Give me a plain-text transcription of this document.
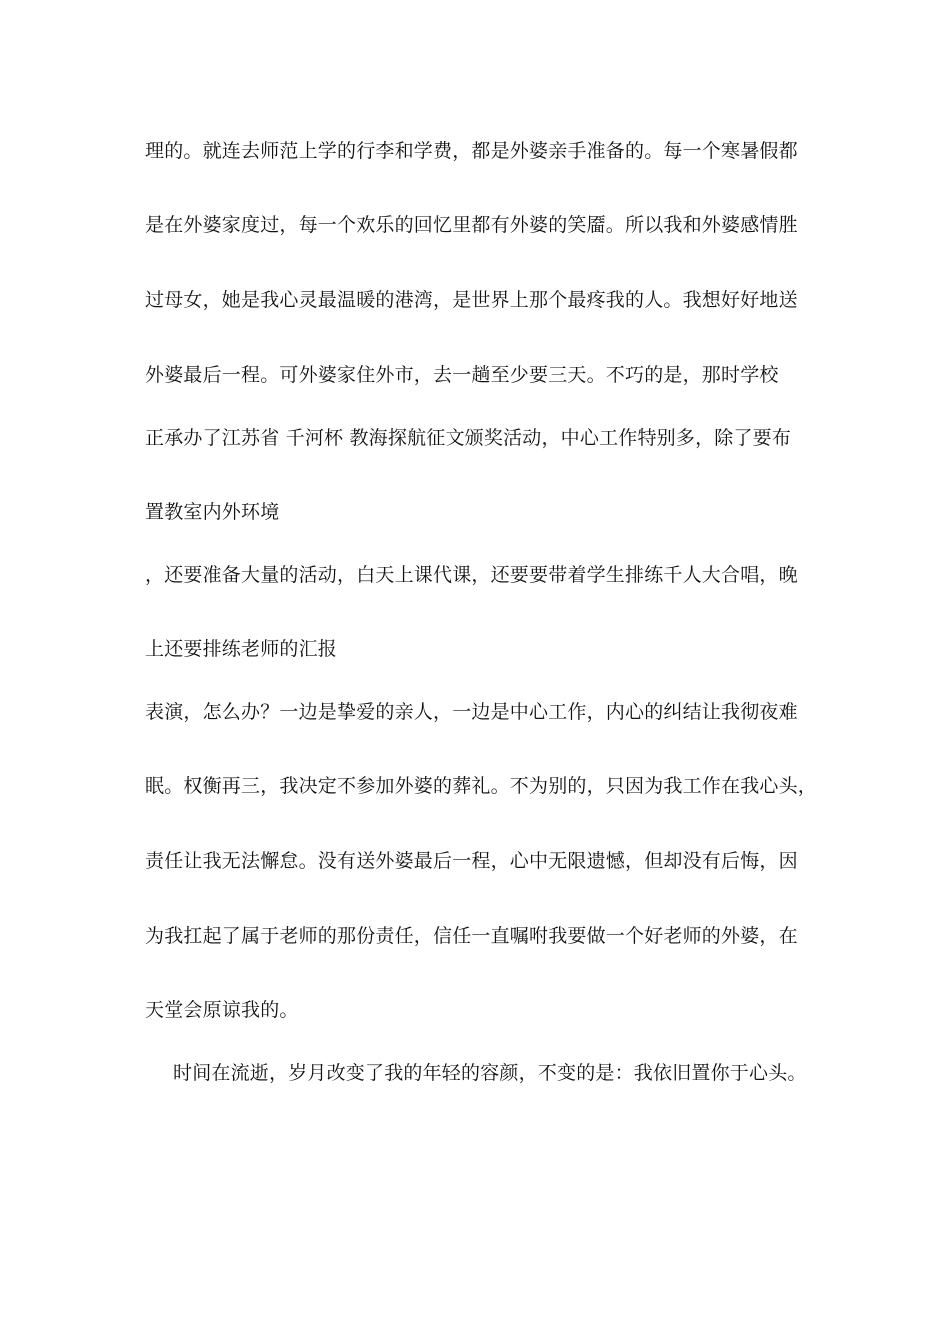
理的。就连去师范上学的行李和学费，都是外婆亲手准备的。每一个寒暑假都
是在外婆家度过，每一个欢乐的回忆里都有外婆的笑靥。所以我和外婆感情胜
过母女，她是我心灵最温暖的港湾，是世界上那个最疼我的人。我想好好地送
外婆最后一程。可外婆家住外市，去一趟至少要三天。不巧的是，那时学校
正承办了江苏省 千河杯 教海探航征文颁奖活动，中心工作特别多，除了要布
置教室内外环境
，还要准备大量的活动，白天上课代课，还要要带着学生排练千人大合唱，晚
上还要排练老师的汇报
表演，怎么办？一边是挚爱的亲人，一边是中心工作，内心的纠结让我彻夜难
眠。权衡再三，我决定不参加外婆的葬礼。不为别的，只因为我工作在我心头，
责任让我无法懈怠。没有送外婆最后一程，心中无限遗憾，但却没有后悔，因
为我扛起了属于老师的那份责任，信任一直嘱咐我要做一个好老师的外婆，在
天堂会原谅我的。
时间在流逝，岁月改变了我的年轻的容颜，不变的是：我依旧置你于心头。
